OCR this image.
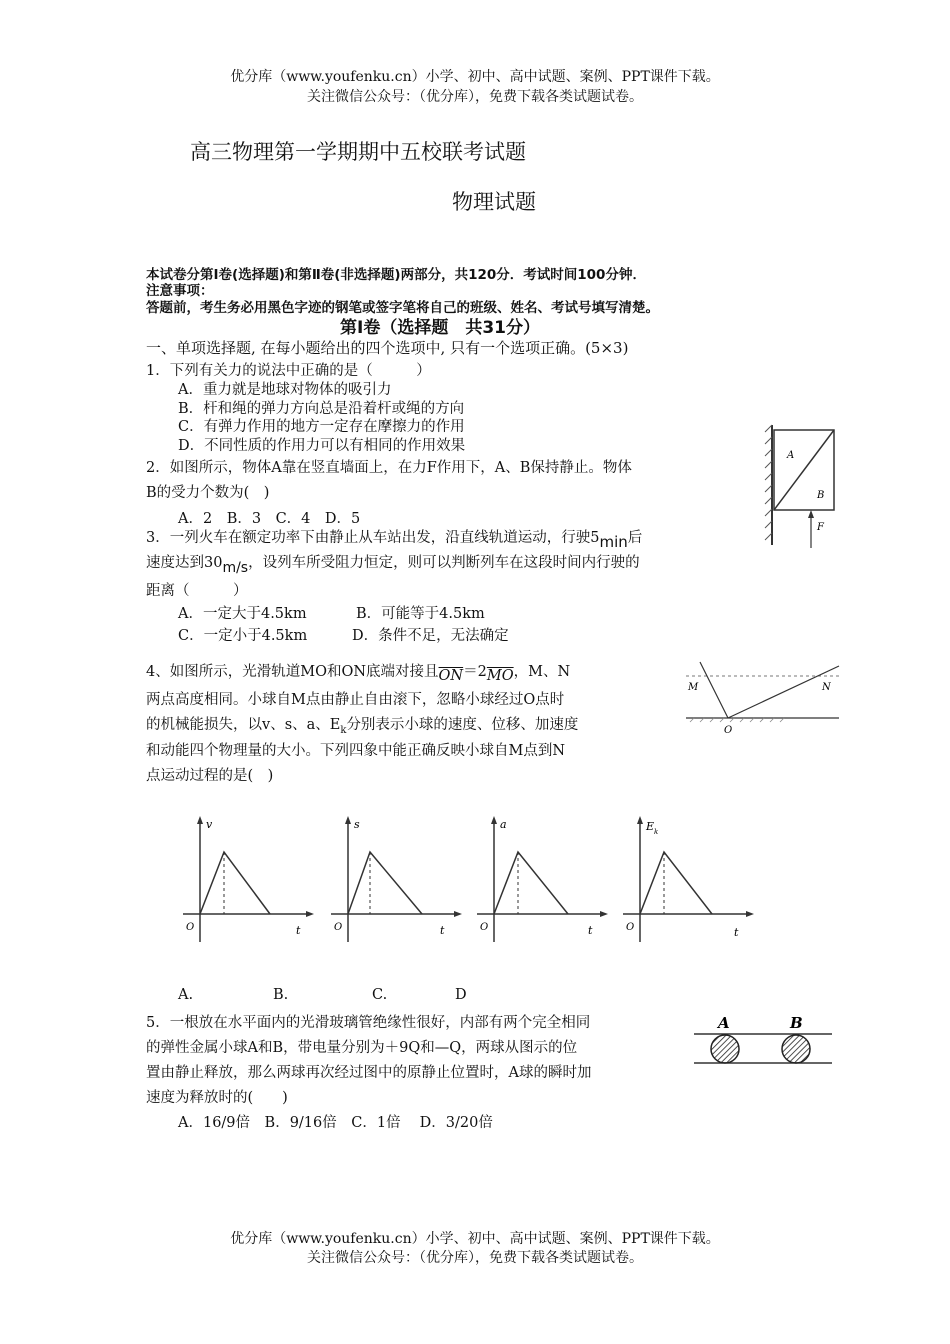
优分库（www.youfenku.cn）小学、初中、高中试题、案例、PPT课件下载。
关注微信公众号：（优分库），免费下载各类试题试卷。
高三物理第一学期期中五校联考试题
物理试题
本试卷分第Ⅰ卷(选择题)和第Ⅱ卷(非选择题)两部分，共120分．考试时间100分钟．
注意事项：
答题前，考生务必用黑色字迹的钢笔或签字笔将自己的班级、姓名、考试号填写清楚。
第Ⅰ卷（选择题　共31分）
一、单项选择题, 在每小题给出的四个选项中, 只有一个选项正确。(5×3)
1．下列有关力的说法中正确的是（　　　）
A．重力就是地球对物体的吸引力
B．杆和绳的弹力方向总是沿着杆或绳的方向
C．有弹力作用的地方一定存在摩擦力的作用
D．不同性质的作用力可以有相同的作用效果
2．如图所示，物体A靠在竖直墙面上，在力F作用下，A、B保持静止。物体
B的受力个数为(　)
A．2　B．3　C．4　D．5
A
B
F
3．一列火车在额定功率下由静止从车站出发，沿直线轨道运动，行驶5min后
速度达到30m/s，设列车所受阻力恒定，则可以判断列车在这段时间内行驶的
距离（　　　）
A．一定大于4.5km	B．可能等于4.5km
C．一定小于4.5km	D．条件不足，无法确定
4、如图所示，光滑轨道MO和ON底端对接且$\overline{ON}=2\overline{MO}$，M、N
两点高度相同。小球自M点由静止自由滚下，忽略小球经过O点时
的机械能损失，以v、s、a、$E_k$分别表示小球的速度、位移、加速度
和动能四个物理量的大小。下列四象中能正确反映小球自M点到N
点运动过程的是(　)
M	N
O
v
O	t
s
O	t
a
O	t
E k
O	t
A.	B.	C.	D
5．一根放在水平面内的光滑玻璃管绝缘性很好，内部有两个完全相同
的弹性金属小球A和B，带电量分别为＋9Q和—Q，两球从图示的位
置由静止释放，那么两球再次经过图中的原静止位置时，A球的瞬时加
速度为释放时的(　　)
A．16/9倍　B．9/16倍　C．1倍　 D．3/20倍
A	B
优分库（www.youfenku.cn）小学、初中、高中试题、案例、PPT课件下载。
关注微信公众号：（优分库），免费下载各类试题试卷。
